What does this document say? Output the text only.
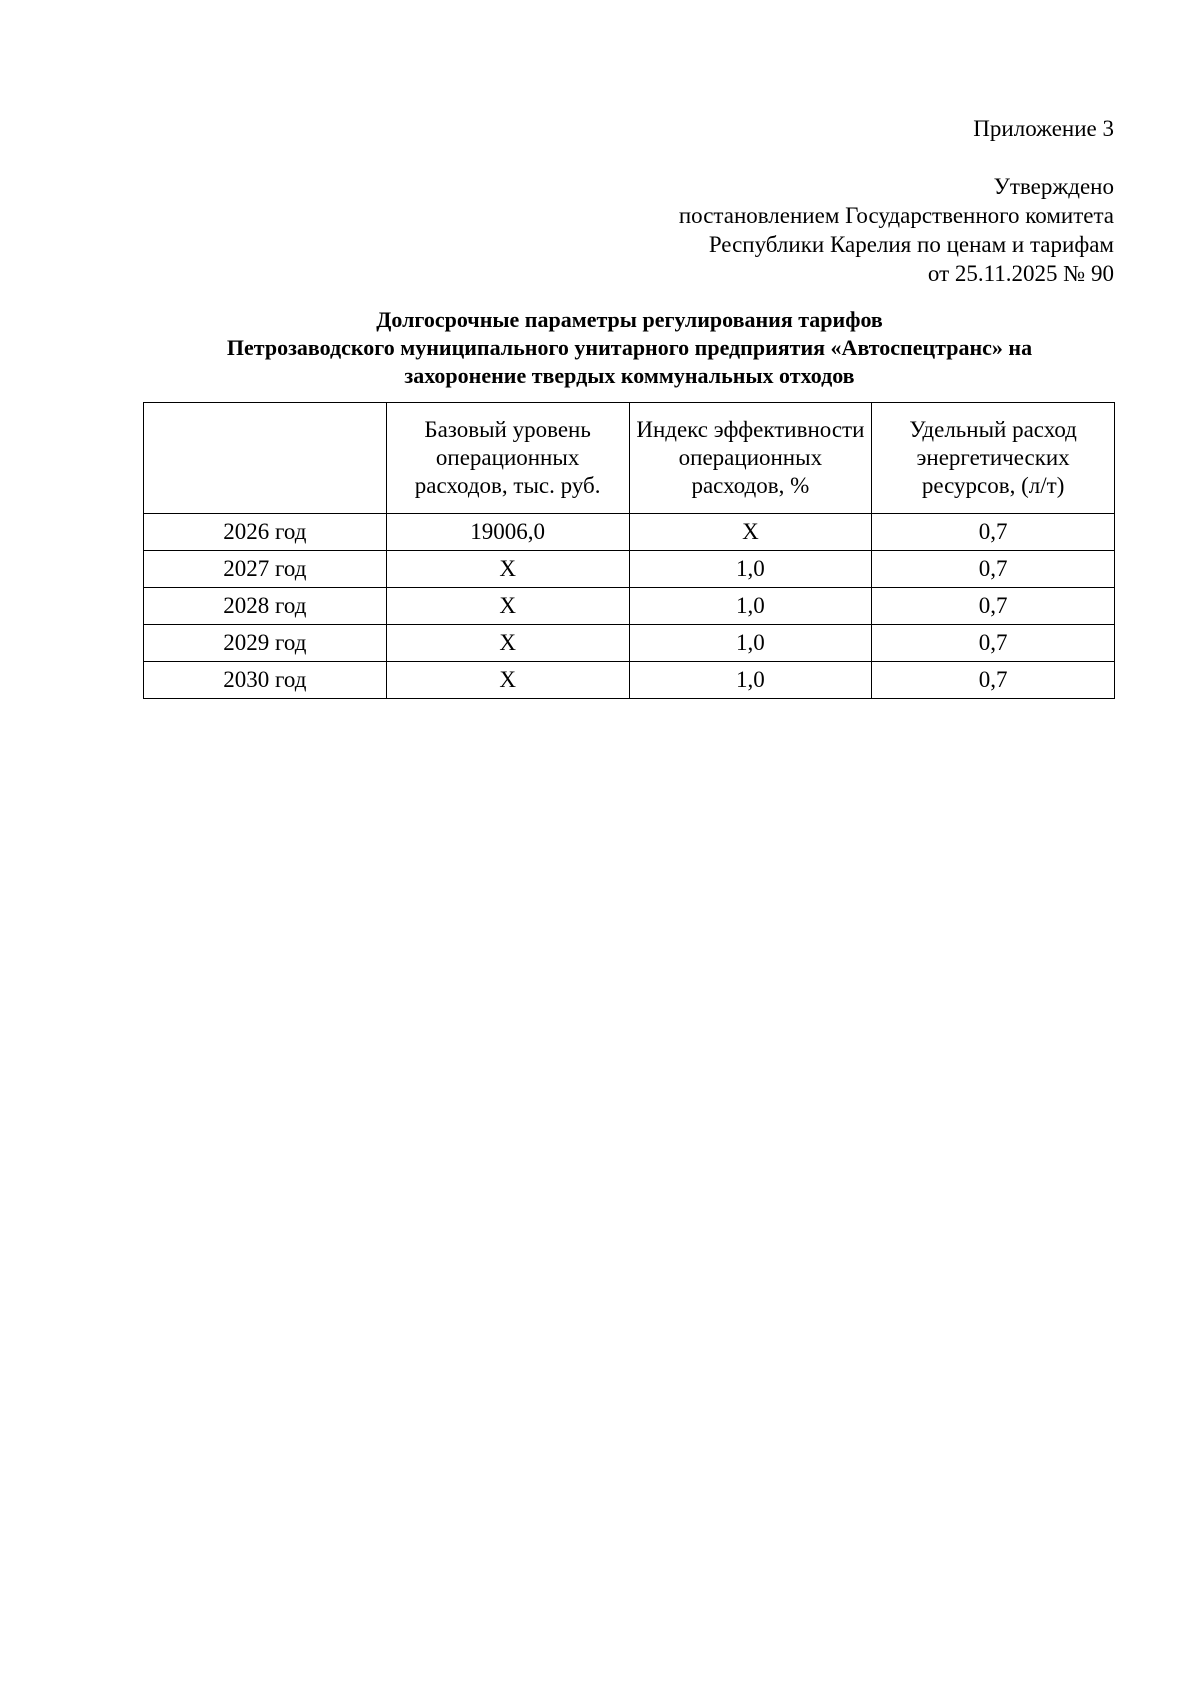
Приложение 3
Утверждено
постановлением Государственного комитета
Республики Карелия по ценам и тарифам
от 25.11.2025 № 90
Долгосрочные параметры регулирования тарифов
Петрозаводского муниципального унитарного предприятия «Автоспецтранс» на
захоронение твердых коммунальных отходов
	Базовый уровень операционных расходов, тыс. руб.	Индекс эффективности операционных расходов, %	Удельный расход энергетических ресурсов, (л/т)
2026 год	19006,0	Х	0,7
2027 год	Х	1,0	0,7
2028 год	Х	1,0	0,7
2029 год	Х	1,0	0,7
2030 год	Х	1,0	0,7
